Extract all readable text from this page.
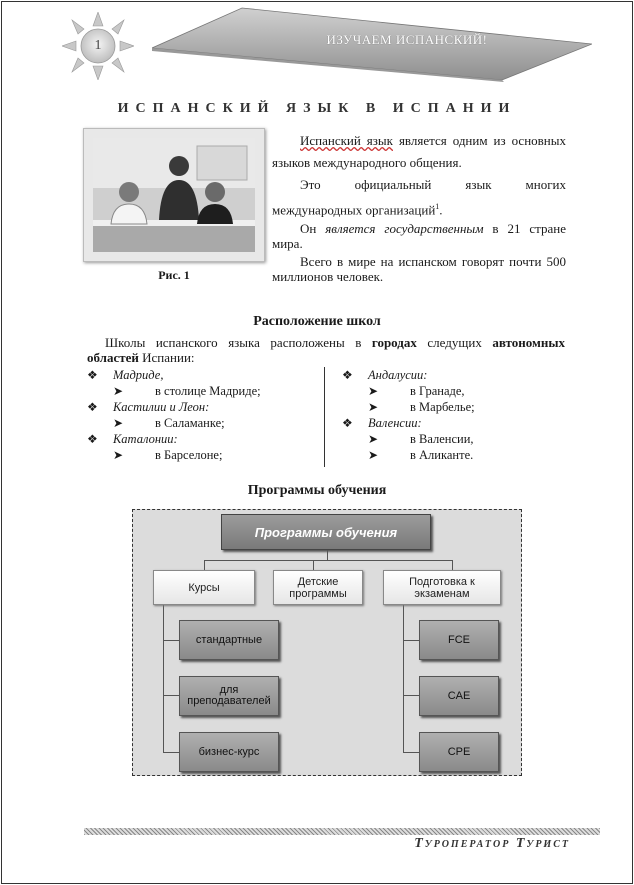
1	ИЗУЧАЕМ ИСПАНСКИЙ!
ИСПАНСКИЙ ЯЗЫК В ИСПАНИИ
Рис. 1

Испанский язык является одним из основных языков международного общения.

Это официальный язык многих международных организаций$^1$.

Он является государственным в 21 стране мира.

Всего в мире на испанском говорят почти 500 миллионов человек.

Расположение школ

Школы испанского языка расположены в городах следущих автономных областей Испании:

❖ Мадриде,
➤	в столице Мадриде;
❖ Кастилии и Леон:
➤	в Саламанке;
❖ Каталонии:
➤	в Барселоне;
❖ Андалусии:
➤	в Гранаде,
➤	в Марбелье;
❖ Валенсии:
➤	в Валенсии,
➤	в Аликанте.
Программы обучения
Программы обучения
Курсы	Детские программы
Подготовка к экзаменам
стандартные
для преподавателей
бизнес-курс
FCE
CAE
CPE
Туроператор Турист
